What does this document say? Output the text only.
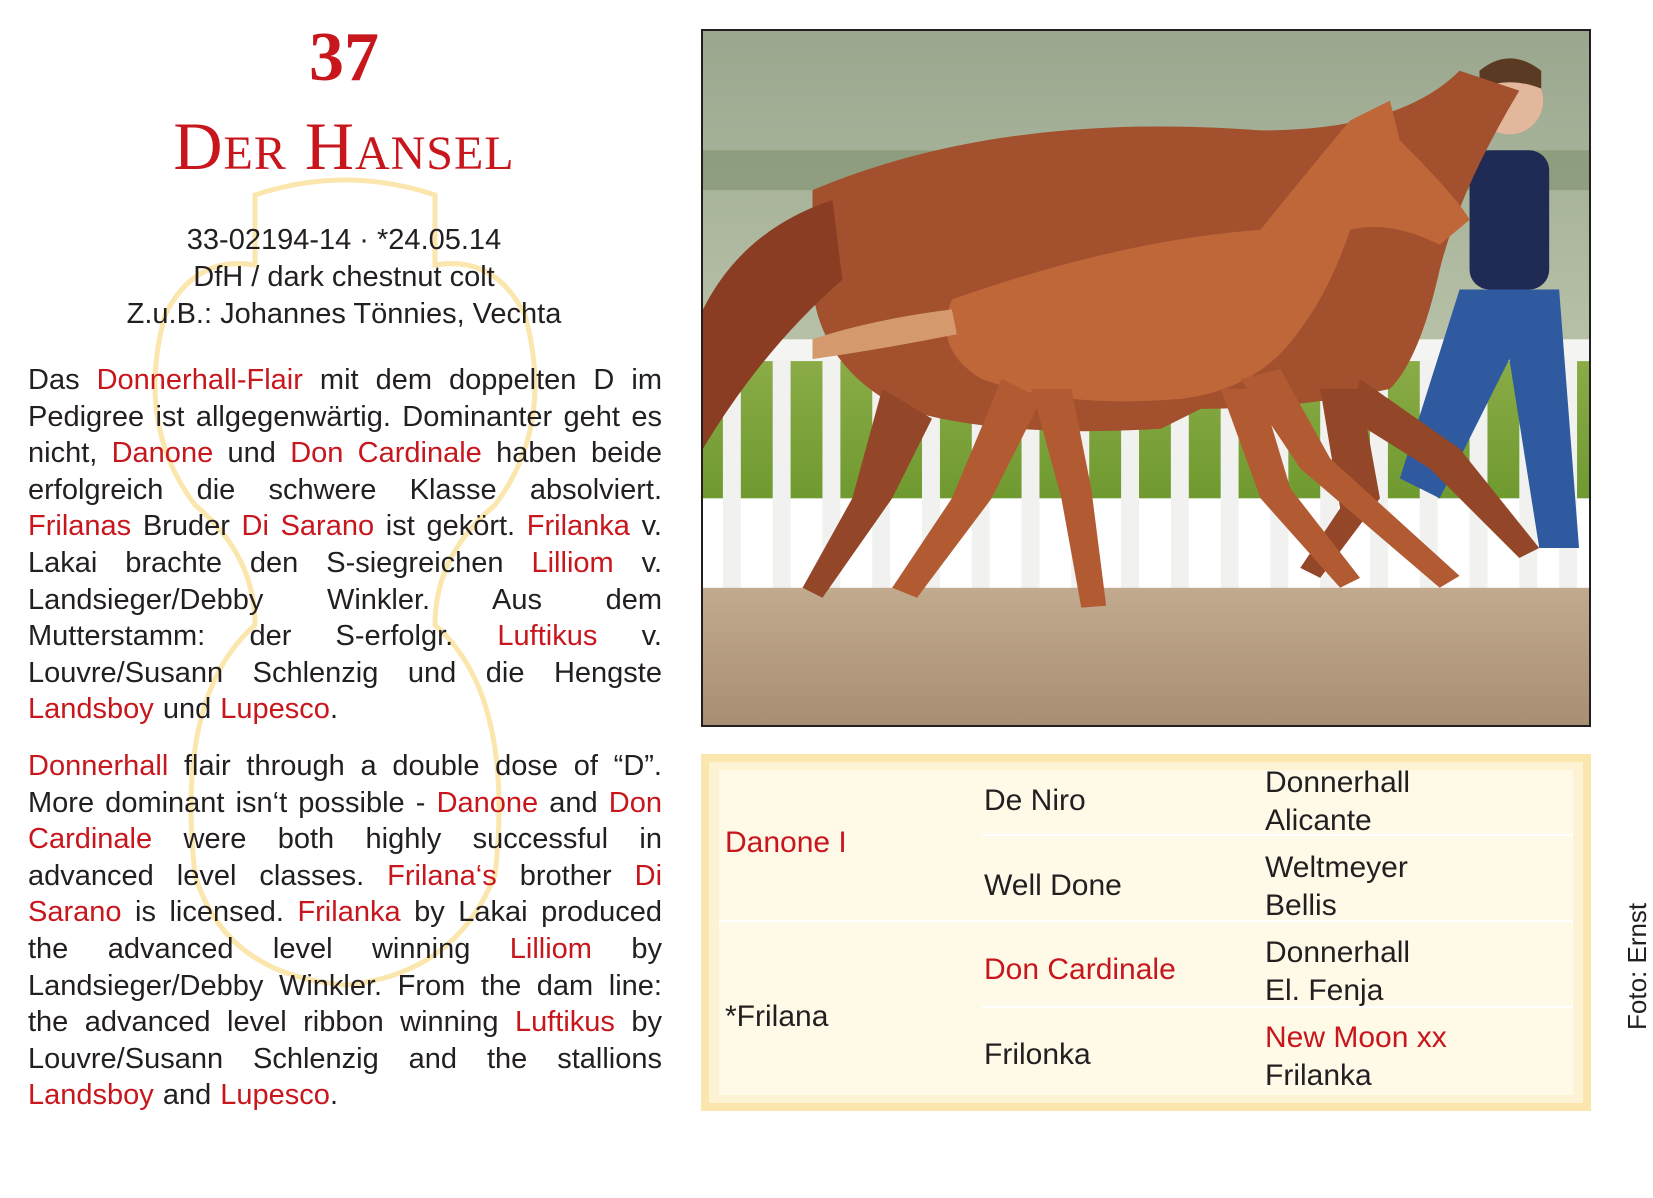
37
Der Hansel
33-02194-14 · *24.05.14
DfH / dark chestnut colt
Z.u.B.: Johannes Tönnies, Vechta
Das Donnerhall-Flair mit dem doppelten D im Pedigree ist allgegenwärtig. Dominanter geht es nicht, Danone und Don Cardinale haben beide erfolgreich die schwere Klasse absolviert. Frilanas Bruder Di Sarano ist gekört. Frilanka v. Lakai brachte den S-siegreichen Lilliom v. Landsieger/Debby Winkler. Aus dem Mutterstamm: der S-erfolgr. Luftikus v. Louvre/Susann Schlenzig und die Hengste Landsboy und Lupesco.
Donnerhall flair through a double dose of “D”. More dominant isn‘t possible - Danone and Don Cardinale were both highly successful in advanced level classes. Frilana‘s brother Di Sarano is licensed. Frilanka by Lakai produced the advanced level winning Lilliom by Landsieger/Debby Winkler. From the dam line: the advanced level ribbon winning Luftikus by Louvre/Susann Schlenzig and the stallions Landsboy and Lupesco.
Danone I
*Frilana
De Niro
Well Done
Don Cardinale
Frilonka
Donnerhall
Alicante
Weltmeyer
Bellis
Donnerhall
El. Fenja
New Moon xx
Frilanka
Foto: Ernst
